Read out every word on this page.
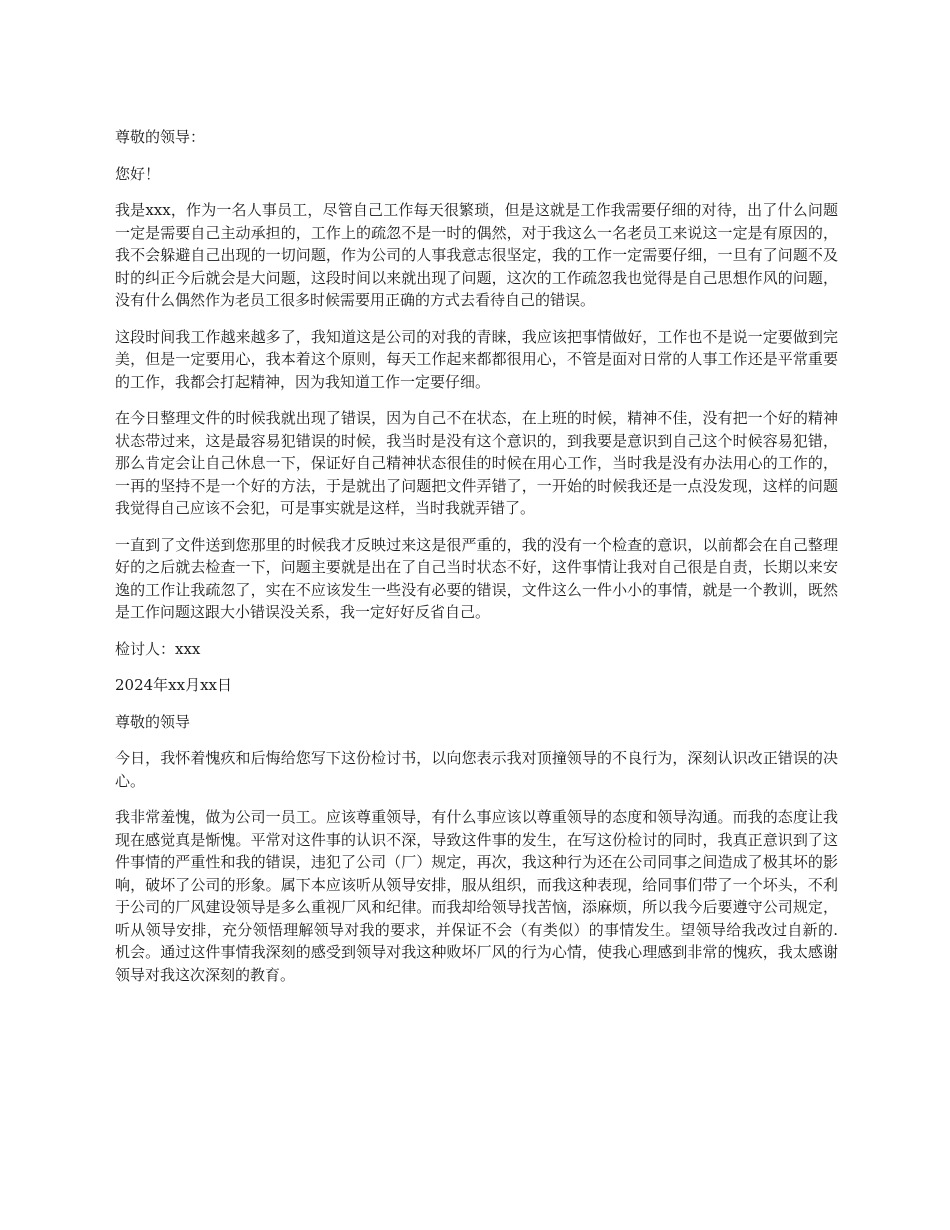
尊敬的领导：

您好！

我是xxx，作为一名人事员工，尽管自己工作每天很繁琐，但是这就是工作我需要仔细的对待，出了什么问题一定是需要自己主动承担的，工作上的疏忽不是一时的偶然，对于我这么一名老员工来说这一定是有原因的，我不会躲避自己出现的一切问题，作为公司的人事我意志很坚定，我的工作一定需要仔细，一旦有了问题不及时的纠正今后就会是大问题，这段时间以来就出现了问题，这次的工作疏忽我也觉得是自己思想作风的问题，没有什么偶然作为老员工很多时候需要用正确的方式去看待自己的错误。

这段时间我工作越来越多了，我知道这是公司的对我的青睐，我应该把事情做好，工作也不是说一定要做到完美，但是一定要用心，我本着这个原则，每天工作起来都都很用心，不管是面对日常的人事工作还是平常重要的工作，我都会打起精神，因为我知道工作一定要仔细。

在今日整理文件的时候我就出现了错误，因为自己不在状态，在上班的时候，精神不佳，没有把一个好的精神状态带过来，这是最容易犯错误的时候，我当时是没有这个意识的，到我要是意识到自己这个时候容易犯错，那么肯定会让自己休息一下，保证好自己精神状态很佳的时候在用心工作，当时我是没有办法用心的工作的，一再的坚持不是一个好的方法，于是就出了问题把文件弄错了，一开始的时候我还是一点没发现，这样的问题我觉得自己应该不会犯，可是事实就是这样，当时我就弄错了。

一直到了文件送到您那里的时候我才反映过来这是很严重的，我的没有一个检查的意识，以前都会在自己整理好的之后就去检查一下，问题主要就是出在了自己当时状态不好，这件事情让我对自己很是自责，长期以来安逸的工作让我疏忽了，实在不应该发生一些没有必要的错误，文件这么一件小小的事情，就是一个教训，既然是工作问题这跟大小错误没关系，我一定好好反省自己。

检讨人：xxx

2024年xx月xx日

尊敬的领导

今日，我怀着愧疚和后悔给您写下这份检讨书，以向您表示我对顶撞领导的不良行为，深刻认识改正错误的决心。

我非常羞愧，做为公司一员工。应该尊重领导，有什么事应该以尊重领导的态度和领导沟通。而我的态度让我现在感觉真是惭愧。平常对这件事的认识不深，导致这件事的发生，在写这份检讨的同时，我真正意识到了这件事情的严重性和我的错误，违犯了公司（厂）规定，再次，我这种行为还在公司同事之间造成了极其坏的影响，破坏了公司的形象。属下本应该听从领导安排，服从组织，而我这种表现，给同事们带了一个坏头，不利于公司的厂风建设领导是多么重视厂风和纪律。而我却给领导找苦恼，添麻烦，所以我今后要遵守公司规定，听从领导安排，充分领悟理解领导对我的要求，并保证不会（有类似）的事情发生。望领导给我改过自新的.机会。通过这件事情我深刻的感受到领导对我这种败坏厂风的行为心情，使我心理感到非常的愧疚，我太感谢领导对我这次深刻的教育。
